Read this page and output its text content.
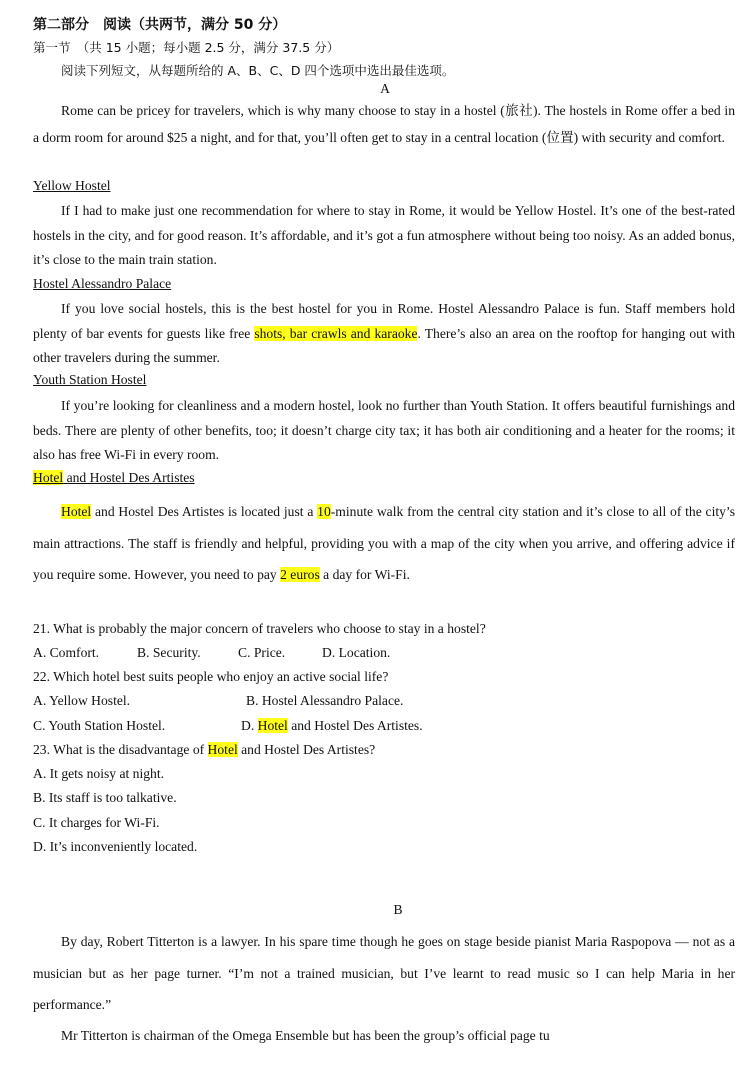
第二部分　阅读（共两节，满分 50 分）
第一节　（共 15 小题；每小题 2.5 分，满分 37.5 分）
阅读下列短文，从每题所给的 A、B、C、D 四个选项中选出最佳选项。
A
Rome can be pricey for travelers, which is why many choose to stay in a hostel (旅社). The hostels in Rome offer a bed in a dorm room for around $25 a night, and for that, you’ll often get to stay in a central location (位置) with security and comfort.
Yellow Hostel
If I had to make just one recommendation for where to stay in Rome, it would be Yellow Hostel. It’s one of the best-rated hostels in the city, and for good reason. It’s affordable, and it’s got a fun atmosphere without being too noisy. As an added bonus, it’s close to the main train station.
Hostel Alessandro Palace
If you love social hostels, this is the best hostel for you in Rome. Hostel Alessandro Palace is fun. Staff members hold plenty of bar events for guests like free shots, bar crawls and karaoke. There’s also an area on the rooftop for hanging out with other travelers during the summer.
Youth Station Hostel
If you’re looking for cleanliness and a modern hostel, look no further than Youth Station. It offers beautiful furnishings and beds. There are plenty of other benefits, too; it doesn’t charge city tax; it has both air conditioning and a heater for the rooms; it also has free Wi-Fi in every room.
Hotel and Hostel Des Artistes
Hotel and Hostel Des Artistes is located just a 10-minute walk from the central city station and it’s close to all of the city’s main attractions. The staff is friendly and helpful, providing you with a map of the city when you arrive, and offering advice if you require some. However, you need to pay 2 euros a day for Wi-Fi.
21. What is probably the major concern of travelers who choose to stay in a hostel?
A. Comfort.	B. Security.	C. Price.	D. Location.
22. Which hotel best suits people who enjoy an active social life?
A. Yellow Hostel.	B. Hostel Alessandro Palace.
C. Youth Station Hostel.	D. Hotel and Hostel Des Artistes.
23. What is the disadvantage of Hotel and Hostel Des Artistes?
A. It gets noisy at night.
B. Its staff is too talkative.
C. It charges for Wi-Fi.
D. It’s inconveniently located.
B
By day, Robert Titterton is a lawyer. In his spare time though he goes on stage beside pianist Maria Raspopova — not as a musician but as her page turner. “I’m not a trained musician, but I’ve learnt to read music so I can help Maria in her performance.”
Mr Titterton is chairman of the Omega Ensemble but has been the group’s official page tu
